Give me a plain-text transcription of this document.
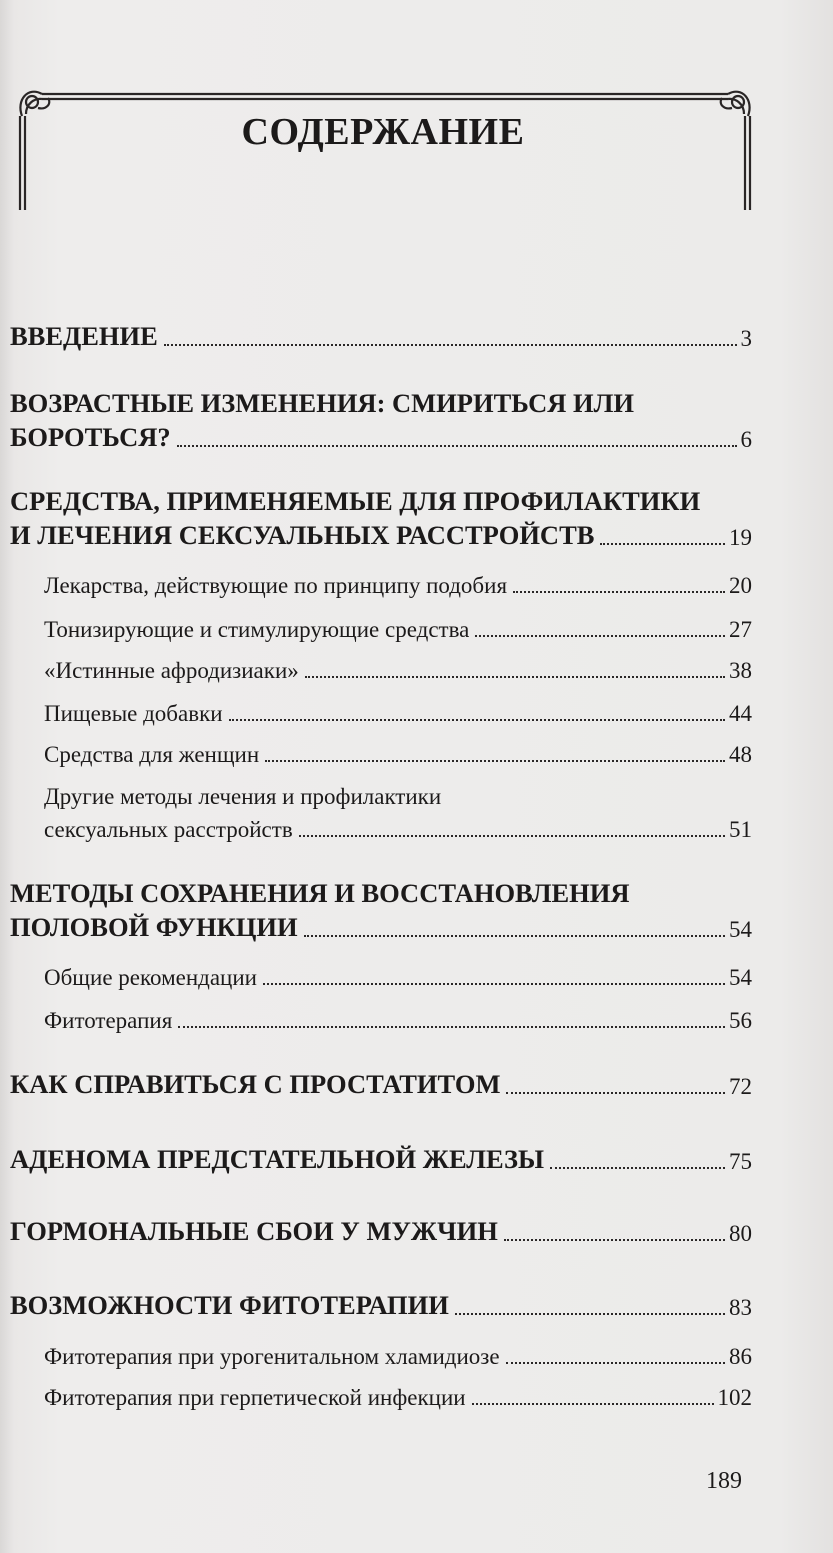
СОДЕРЖАНИЕ
ВВЕДЕНИЕ	3
ВОЗРАСТНЫЕ ИЗМЕНЕНИЯ: СМИРИТЬСЯ ИЛИ
БОРОТЬСЯ?	6
СРЕДСТВА, ПРИМЕНЯЕМЫЕ ДЛЯ ПРОФИЛАКТИКИ
И ЛЕЧЕНИЯ СЕКСУАЛЬНЫХ РАССТРОЙСТВ	19
Лекарства, действующие по принципу подобия	20
Тонизирующие и стимулирующие средства	27
«Истинные афродизиаки»	38
Пищевые добавки	44
Средства для женщин	48
Другие методы лечения и профилактики
сексуальных расстройств	51
МЕТОДЫ СОХРАНЕНИЯ И ВОССТАНОВЛЕНИЯ
ПОЛОВОЙ ФУНКЦИИ	54
Общие рекомендации	54
Фитотерапия	56
КАК СПРАВИТЬСЯ С ПРОСТАТИТОМ	72
АДЕНОМА ПРЕДСТАТЕЛЬНОЙ ЖЕЛЕЗЫ	75
ГОРМОНАЛЬНЫЕ СБОИ У МУЖЧИН	80
ВОЗМОЖНОСТИ ФИТОТЕРАПИИ	83
Фитотерапия при урогенитальном хламидиозе	86
Фитотерапия при герпетической инфекции	102
189
